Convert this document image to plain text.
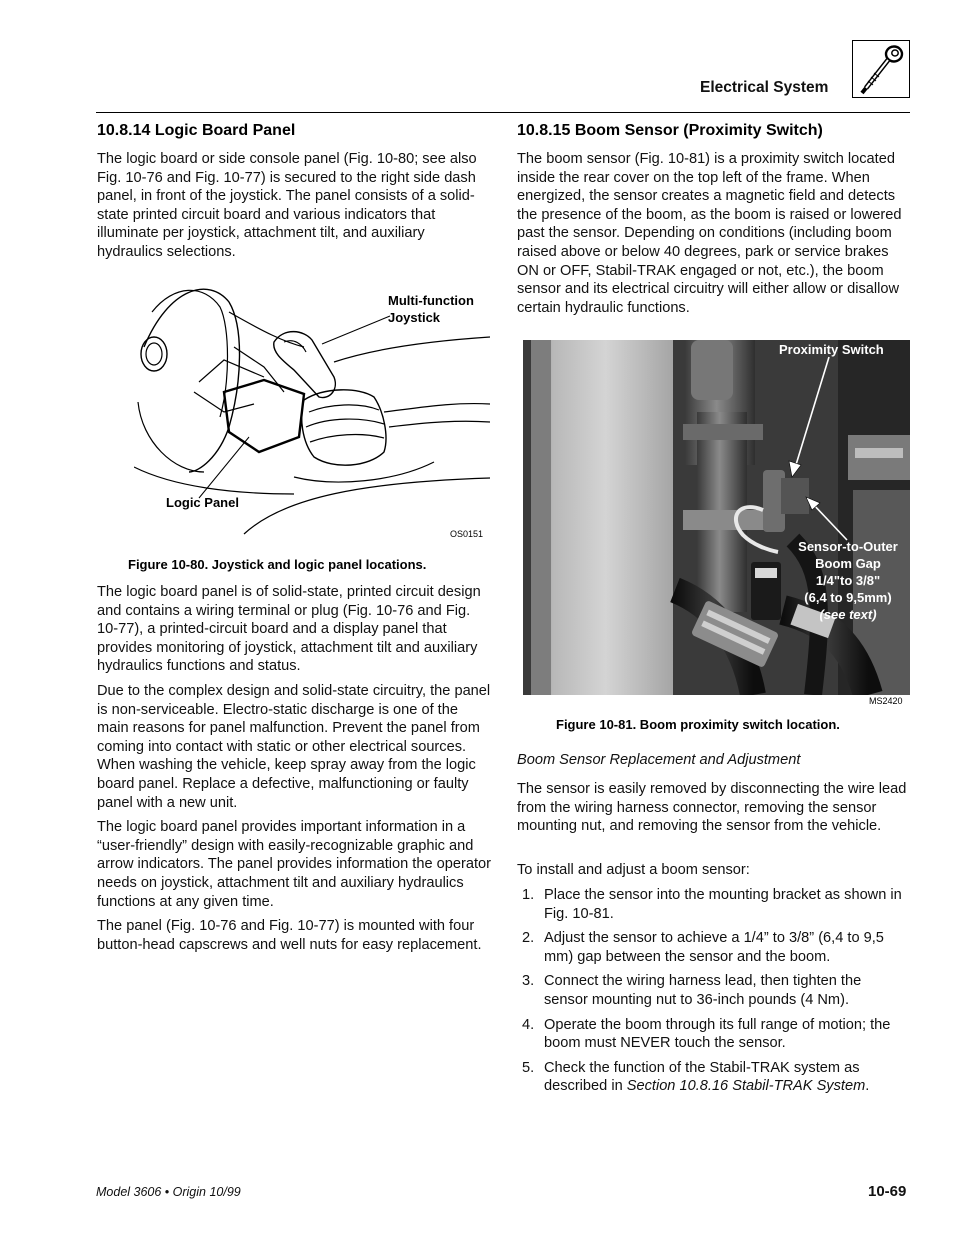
Electrical System
10.8.14 Logic Board Panel

The logic board or side console panel (Fig. 10-80; see also Fig. 10-76 and Fig. 10-77) is secured to the right side dash panel, in front of the joystick. The panel consists of a solid-state printed circuit board and various indicators that illuminate per joystick, attachment tilt, and auxiliary hydraulics selections.

Multi-function
Joystick
Logic Panel
OS0151
Figure 10-80. Joystick and logic panel locations.

The logic board panel is of solid-state, printed circuit design and contains a wiring terminal or plug (Fig. 10-76 and Fig. 10-77), a printed-circuit board and a display panel that provides monitoring of joystick, attachment tilt and auxiliary hydraulics functions and status.

Due to the complex design and solid-state circuitry, the panel is non-serviceable. Electro-static discharge is one of the main reasons for panel malfunction. Prevent the panel from coming into contact with static or other electrical sources. When washing the vehicle, keep spray away from the logic board panel. Replace a defective, malfunctioning or faulty panel with a new unit.

The logic board panel provides important information in a “user-friendly” design with easily-recognizable graphic and arrow indicators. The panel provides information the operator needs on joystick, attachment tilt and auxiliary hydraulics functions at any given time.

The panel (Fig. 10-76 and Fig. 10-77) is mounted with four button-head capscrews and well nuts for easy replacement.

10.8.15 Boom Sensor (Proximity Switch)

The boom sensor (Fig. 10-81) is a proximity switch located inside the rear cover on the top left of the frame. When energized, the sensor creates a magnetic field and detects the presence of the boom, as the boom is raised or lowered past the sensor. Depending on conditions (including boom raised above or below 40 degrees, park or service brakes ON or OFF, Stabil-TRAK engaged or not, etc.), the boom sensor and its electrical circuitry will either allow or disallow certain hydraulic functions.

Proximity Switch
Sensor-to-Outer
Boom Gap
1/4"to 3/8"
(6,4 to 9,5mm)
(see text)
MS2420
Figure 10-81. Boom proximity switch location.
Boom Sensor Replacement and Adjustment

The sensor is easily removed by disconnecting the wire lead from the wiring harness connector, removing the sensor mounting nut, and removing the sensor from the vehicle.

To install and adjust a boom sensor:

1. Place the sensor into the mounting bracket as shown in Fig. 10-81.
2. Adjust the sensor to achieve a 1/4” to 3/8” (6,4 to 9,5 mm) gap between the sensor and the boom.
3. Connect the wiring harness lead, then tighten the sensor mounting nut to 36-inch pounds (4 Nm).
4. Operate the boom through its full range of motion; the boom must NEVER touch the sensor.
5. Check the function of the Stabil-TRAK system as described in Section 10.8.16 Stabil-TRAK System.
Model 3606 • Origin 10/99	10-69
